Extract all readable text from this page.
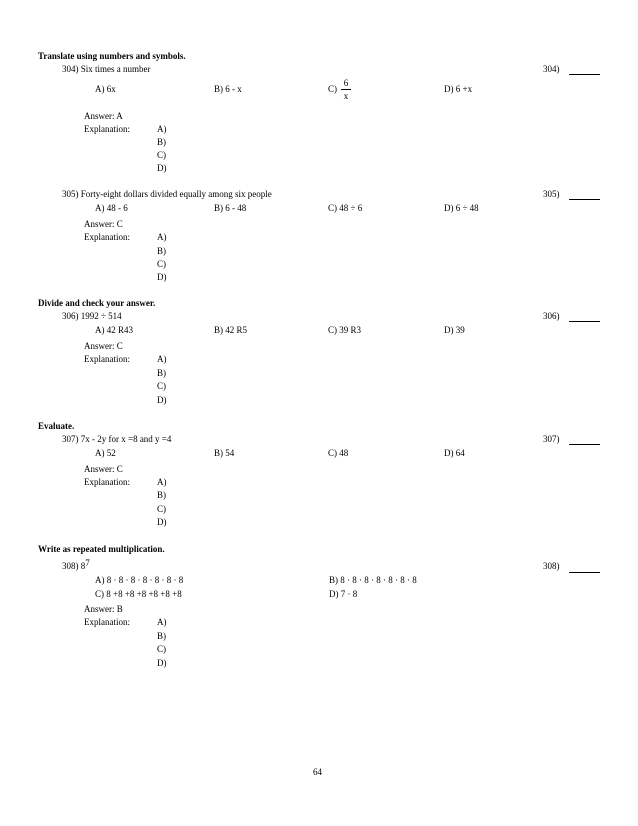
Translate using numbers and symbols.
304) Six times a number	304)
A) 6x	B) 6 - x	$C) \frac{6}{x}$	D) 6 +x
Answer: A
Explanation:	A)
B)
C)
D)
305) Forty-eight dollars divided equally among six people	305)
A) 48 - 6	B) 6 - 48	C) 48 ÷ 6	D) 6 ÷ 48
Answer: C
Explanation:	A)
B)
C)
D)
Divide and check your answer.
306) 1992 ÷ 514	306)
A) 42 R43	B) 42 R5	C) 39 R3	D) 39
Answer: C
Explanation:	A)
B)
C)
D)
Evaluate.
307) 7x - 2y for x =8 and y =4	307)
A) 52	B) 54	C) 48	D) 64
Answer: C
Explanation:	A)
B)
C)
D)
Write as repeated multiplication.
308) $8^7$	308)
A) 8 · 8 · 8 · 8 · 8 · 8 · 8	B) 8 · 8 · 8 · 8 · 8 · 8 · 8
C) 8 +8 +8 +8 +8 +8 +8	D) 7 · 8
Answer: B
Explanation:	A)
B)
C)
D)
64
